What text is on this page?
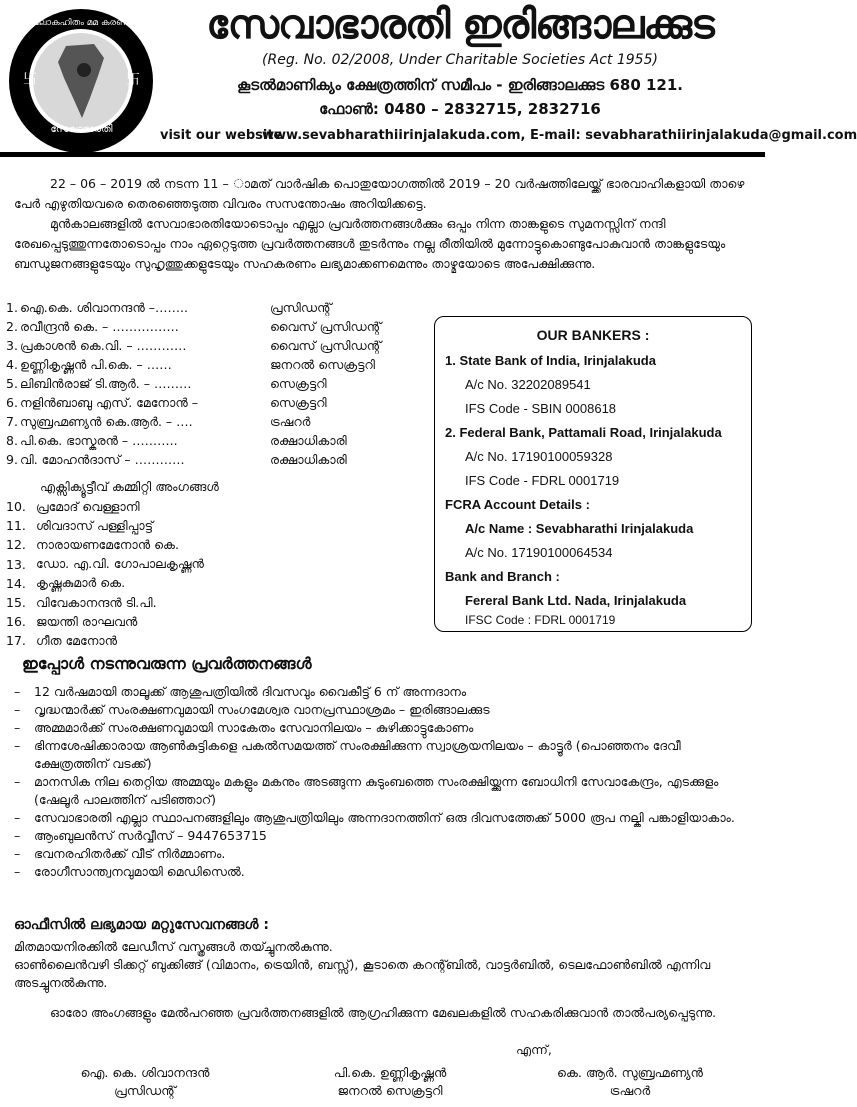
卐	卐
ലോകഹിതം മമ കരണീയം
സേവാഭാരതി
സേവാഭാരതി ഇരിങ്ങാലക്കുട
(Reg. No. 02/2008, Under Charitable Societies Act 1955)
കൂടൽമാണിക്യം ക്ഷേത്രത്തിന് സമീപം - ഇരിങ്ങാലക്കുട 680 121.
ഫോൺ: 0480 – 2832715, 2832716
visit our website
www.sevabharathiirinjalakuda.com, E-mail: sevabharathiirinjalakuda@gmail.com
22 – 06 – 2019 ൽ നടന്ന 11 – ാമത് വാർഷിക പൊതുയോഗത്തിൽ 2019 – 20 വർഷത്തിലേയ്ക്ക് ഭാരവാഹികളായി താഴെ പേർ എഴുതിയവരെ തെരഞ്ഞെടുത്ത വിവരം സസന്തോഷം അറിയിക്കട്ടെ.
മുൻകാലങ്ങളിൽ സേവാഭാരതിയോടൊപ്പം എല്ലാ പ്രവർത്തനങ്ങൾക്കും ഒപ്പം നിന്ന താങ്കളുടെ സുമനസ്സിന് നന്ദി രേഖപ്പെടുത്തുന്നതോടൊപ്പം നാം ഏറ്റെടുത്ത പ്രവർത്തനങ്ങൾ തുടർന്നും നല്ല രീതിയിൽ മുന്നോട്ടുകൊണ്ടുപോകുവാൻ താങ്കളുടേയും ബന്ധുജനങ്ങളുടേയും സുഹൃത്തുക്കളുടേയും സഹകരണം ലഭ്യമാക്കണമെന്നും താഴ്മയോടെ അപേക്ഷിക്കുന്നു.
1. ഐ.കെ. ശിവാനന്ദൻ –……..	പ്രസിഡന്റ്
2. രവീന്ദ്രൻ കെ. – …………….	വൈസ് പ്രസിഡന്റ്
3. പ്രകാശൻ കെ.വി. – …………	വൈസ് പ്രസിഡന്റ്
4. ഉണ്ണികൃഷ്ണൻ പി.കെ. – ……	ജനറൽ സെക്രട്ടറി
5. ലിബിൻരാജ് ടി.ആർ. – ………	സെക്രട്ടറി
6. നളിൻബാബു എസ്. മേനോൻ –	സെക്രട്ടറി
7. സുബ്രഹ്മണ്യൻ കെ.ആർ. – ….	ട്രഷറർ
8. പി.കെ. ഭാസ്കരൻ – ………..	രക്ഷാധികാരി
9. വി. മോഹൻദാസ് – …………	രക്ഷാധികാരി
എക്സിക്യൂട്ടീവ് കമ്മിറ്റി അംഗങ്ങൾ
10. പ്രമോദ് വെള്ളാനി
11. ശിവദാസ് പള്ളിപ്പാട്ട്
12. നാരായണമേനോൻ കെ.
13. ഡോ. എ.വി. ഗോപാലകൃഷ്ണൻ
14. കൃഷ്ണകുമാർ കെ.
15. വിവേകാനന്ദൻ ടി.പി.
16. ജയന്തി രാഘവൻ
17. ഗീത മേനോൻ
OUR BANKERS :
1. State Bank of India, Irinjalakuda
A/c No. 32202089541
IFS Code - SBIN 0008618
2. Federal Bank, Pattamali Road, Irinjalakuda
A/c No. 17190100059328
IFS Code - FDRL 0001719
FCRA Account Details :
A/c Name : Sevabharathi Irinjalakuda
A/c No. 17190100064534
Bank and Branch :
Fereral Bank Ltd. Nada, Irinjalakuda
IFSC Code : FDRL 0001719
ഇപ്പോൾ നടന്നുവരുന്ന പ്രവർത്തനങ്ങൾ
–	12 വർഷമായി താലൂക്ക് ആശുപത്രിയിൽ ദിവസവും വൈകീട്ട് 6 ന് അന്നദാനം
–	വൃദ്ധന്മാർക്ക് സംരക്ഷണവുമായി സംഗമേശ്വര വാനപ്രസ്ഥാശ്രമം – ഇരിങ്ങാലക്കുട
–	അമ്മമാർക്ക് സംരക്ഷണവുമായി സാകേതം സേവാനിലയം – കുഴിക്കാട്ടുകോണം
–	ഭിന്നശേഷിക്കാരായ ആൺകുട്ടികളെ പകൽസമയത്ത് സംരക്ഷിക്കുന്ന സ്വാശ്രയനിലയം – കാട്ടൂർ (പൊഞ്ഞനം ദേവീ ക്ഷേത്രത്തിന് വടക്ക്)
–	മാനസിക നില തെറ്റിയ അമ്മയും മകളും മകനും അടങ്ങുന്ന കുടുംബത്തെ സംരക്ഷിയ്ക്കുന്ന ബോധിനി സേവാകേന്ദ്രം, എടക്കുളം (ഷേലൂർ പാലത്തിന് പടിഞ്ഞാറ്)
–	സേവാഭാരതി എല്ലാ സ്ഥാപനങ്ങളിലും ആശുപത്രിയിലും അന്നദാനത്തിന് ഒരു ദിവസത്തേക്ക് 5000 രൂപ നല്കി പങ്കാളിയാകാം.
–	ആംബുലൻസ് സർവ്വീസ് – 9447653715
–	ഭവനരഹിതർക്ക് വീട് നിർമ്മാണം.
–	രോഗീസാന്ത്വനവുമായി മെഡിസെൽ.
ഓഫീസിൽ ലഭ്യമായ മറ്റുസേവനങ്ങൾ :
മിതമായനിരക്കിൽ ലേഡീസ് വസ്ത്രങ്ങൾ തയ്ച്ചുനൽകുന്നു.
ഓൺലൈൻവഴി ടിക്കറ്റ് ബുക്കിങ്ങ് (വിമാനം, ട്രെയിൻ, ബസ്സ്), കൂടാതെ കറന്റ്ബിൽ, വാട്ടർബിൽ, ടെലഫോൺബിൽ എന്നിവ അടച്ചുനൽകുന്നു.
ഓരോ അംഗങ്ങളും മേൽപറഞ്ഞ പ്രവർത്തനങ്ങളിൽ ആഗ്രഹിക്കുന്ന മേഖലകളിൽ സഹകരിക്കുവാൻ താൽപര്യപ്പെടുന്നു.
എന്ന്,
ഐ. കെ. ശിവാനന്ദൻ
പ്രസിഡന്റ്
പി.കെ. ഉണ്ണികൃഷ്ണൻ
ജനറൽ സെക്രട്ടറി
കെ. ആർ. സുബ്രഹ്മണ്യൻ
ട്രഷറർ
